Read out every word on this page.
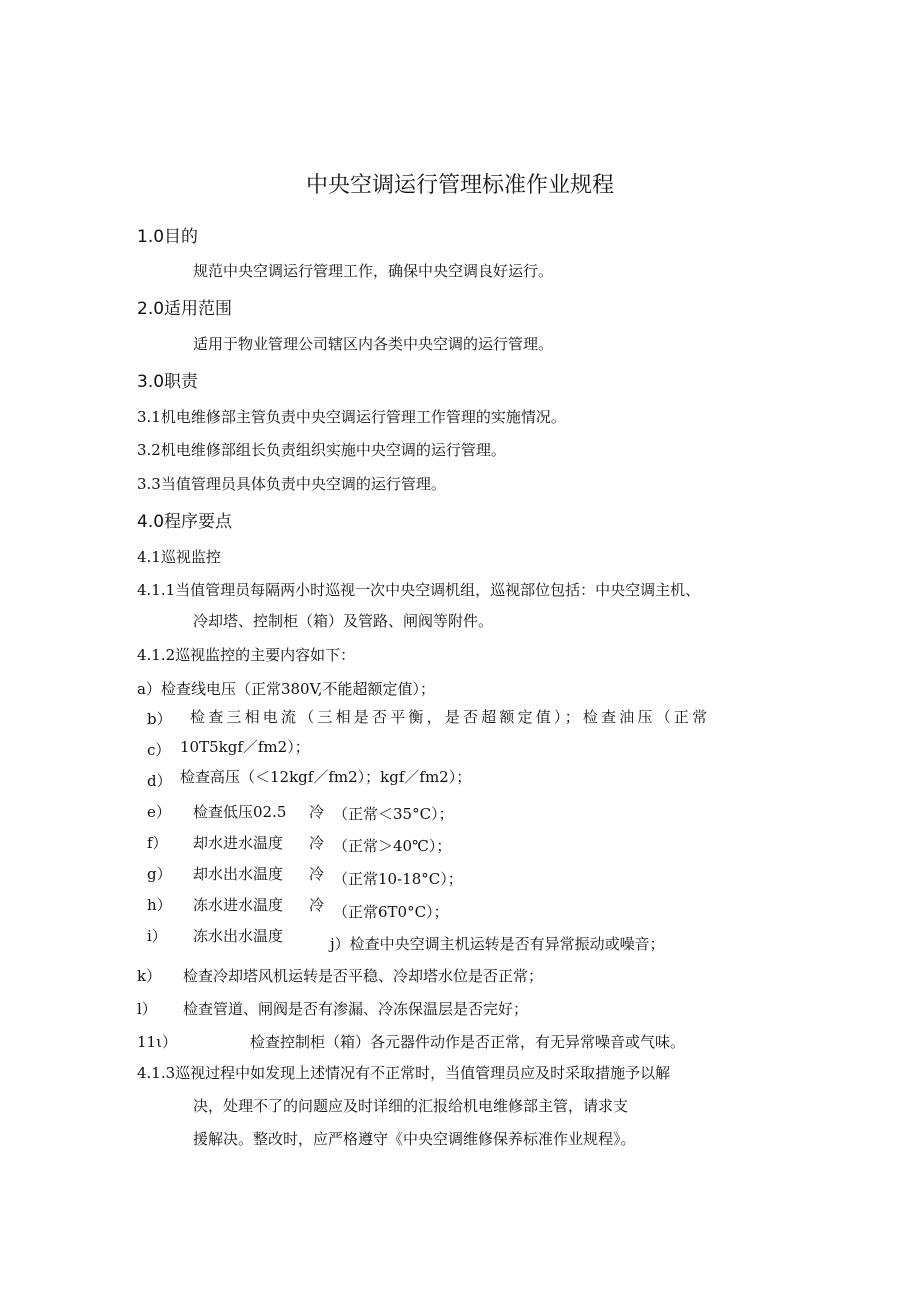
中央空调运行管理标准作业规程
1.0目的
规范中央空调运行管理工作，确保中央空调良好运行。
2.0适用范围
适用于物业管理公司辖区内各类中央空调的运行管理。
3.0职责
3.1机电维修部主管负责中央空调运行管理工作管理的实施情况。
3.2机电维修部组长负责组织实施中央空调的运行管理。
3.3当值管理员具体负责中央空调的运行管理。
4.0程序要点
4.1巡视监控
4.1.1当值管理员每隔两小时巡视一次中央空调机组，巡视部位包括：中央空调主机、
冷却塔、控制柜（箱）及管路、闸阀等附件。
4.1.2巡视监控的主要内容如下：
a）检查线电压（正常380V,不能超额定值）；
b） 检查三相电流（三相是否平衡，是否超额定值）；检查油压（正常
c） 10T5kgf／fm2）；
d） 检查高压（＜12kgf／fm2）；kgf／fm2）；
e） 检查低压02.5 冷 （正常＜35°C）；
f） 却水进水温度 冷 （正常＞40℃）；
g） 却水出水温度 冷 （正常10-18°C）；
h） 冻水进水温度 冷 （正常6T0°C）；
i） 冻水出水温度	j）检查中央空调主机运转是否有异常振动或噪音；
k） 检查冷却塔风机运转是否平稳、冷却塔水位是否正常；
l） 检查管道、闸阀是否有渗漏、冷冻保温层是否完好；
11ι）	检查控制柜（箱）各元器件动作是否正常，有无异常噪音或气味。
4.1.3巡视过程中如发现上述情况有不正常时，当值管理员应及时采取措施予以解
决，处理不了的问题应及时详细的汇报给机电维修部主管，请求支
援解决。整改时，应严格遵守《中央空调维修保养标准作业规程》。
